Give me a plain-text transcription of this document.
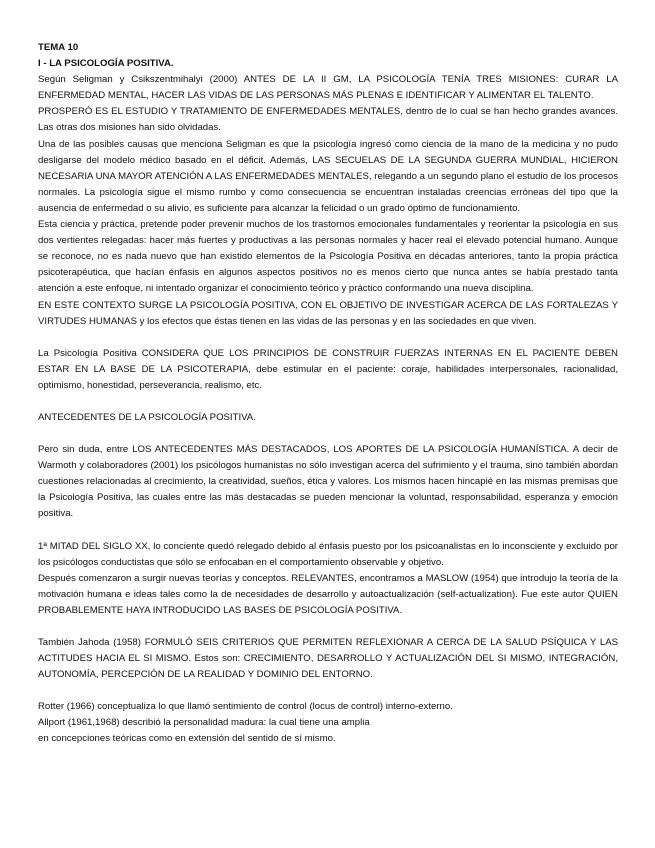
TEMA 10

I - LA PSICOLOGÍA POSITIVA.

Según Seligman y Csikszentmihalyi (2000) ANTES DE LA II GM, LA PSICOLOGÍA TENÍA TRES MISIONES: CURAR LA ENFERMEDAD MENTAL, HACER LAS VIDAS DE LAS PERSONAS MÁS PLENAS E IDENTIFICAR Y ALIMENTAR EL TALENTO.

PROSPERÓ ES EL ESTUDIO Y TRATAMIENTO DE ENFERMEDADES MENTALES, dentro de lo cual se han hecho grandes avances. Las otras dos misiones han sido olvidadas.

Una de las posibles causas que menciona Seligman es que la psicología ingresó como ciencia de la mano de la medicina y no pudo desligarse del modelo médico basado en el déficit. Además, LAS SECUELAS DE LA SEGUNDA GUERRA MUNDIAL, HICIERON NECESARIA UNA MAYOR ATENCIÓN A LAS ENFERMEDADES MENTALES, relegando a un segundo plano el estudio de los procesos normales. La psicología sigue el mismo rumbo y como consecuencia se encuentran instaladas creencias erróneas del tipo que la ausencia de enfermedad o su alivio, es suficiente para alcanzar la felicidad o un grado óptimo de funcionamiento.

Esta ciencia y práctica, pretende poder prevenir muchos de los trastornos emocionales fundamentales y reorientar la psicología en sus dos vertientes relegadas: hacer más fuertes y productivas a las personas normales y hacer real el elevado potencial humano. Aunque se reconoce, no es nada nuevo que han existido elementos de la Psicología Positiva en décadas anteriores, tanto la propia práctica psicoterapéutica, que hacían énfasis en algunos aspectos positivos no es menos cierto que nunca antes se había prestado tanta atención a este enfoque, ni intentado organizar el conocimiento teórico y práctico conformando una nueva disciplina.

EN ESTE CONTEXTO SURGE LA PSICOLOGÍA POSITIVA, CON EL OBJETIVO DE INVESTIGAR ACERCA DE LAS FORTALEZAS Y VIRTUDES HUMANAS y los efectos que éstas tienen en las vidas de las personas y en las sociedades en que viven.

La Psicología Positiva CONSIDERA QUE LOS PRINCIPIOS DE CONSTRUIR FUERZAS INTERNAS EN EL PACIENTE DEBEN ESTAR EN LA BASE DE LA PSICOTERAPIA, debe estimular en el paciente: coraje, habilidades interpersonales, racionalidad, optimismo, honestidad, perseverancia, realismo, etc.

ANTECEDENTES DE LA PSICOLOGÍA POSITIVA.

Pero sin duda, entre LOS ANTECEDENTES MÁS DESTACADOS, LOS APORTES DE LA PSICOLOGÍA HUMANÍSTICA. A decir de Warmoth y colaboradores (2001) los psicólogos humanistas no sólo investigan acerca del sufrimiento y el trauma, sino también abordan cuestiones relacionadas al crecimiento, la creatividad, sueños, ética y valores. Los mismos hacen hincapié en las mismas premisas que la Psicología Positiva, las cuales entre las más destacadas se pueden mencionar la voluntad, responsabilidad, esperanza y emoción positiva.

1ª MITAD DEL SIGLO XX, lo conciente quedó relegado debido al énfasis puesto por los psicoanalistas en lo inconsciente y excluido por los psicólogos conductistas que sólo se enfocaban en el comportamiento observable y objetivo.

Después comenzaron a surgir nuevas teorías y conceptos. RELEVANTES, encontramos a MASLOW (1954) que introdujo la teoría de la motivación humana e ideas tales como la de necesidades de desarrollo y autoactualización (self-actualization). Fue este autor QUIEN PROBABLEMENTE HAYA INTRODUCIDO LAS BASES DE PSICOLOGÍA POSITIVA.

También Jahoda (1958) FORMULÓ SEIS CRITERIOS QUE PERMITEN REFLEXIONAR A CERCA DE LA SALUD PSÍQUICA Y LAS ACTITUDES HACIA EL SI MISMO. Estos son: CRECIMIENTO, DESARROLLO Y ACTUALIZACIÓN DEL SI MISMO, INTEGRACIÓN, AUTONOMÍA, PERCEPCIÓN DE LA REALIDAD Y DOMINIO DEL ENTORNO.

Rotter (1966) conceptualiza lo que llamó sentimiento de control (locus de control) interno-externo.

Allport (1961,1968) describió la personalidad madura: la cual tiene una amplia

en concepciones teóricas como en extensión del sentido de sí mismo.
